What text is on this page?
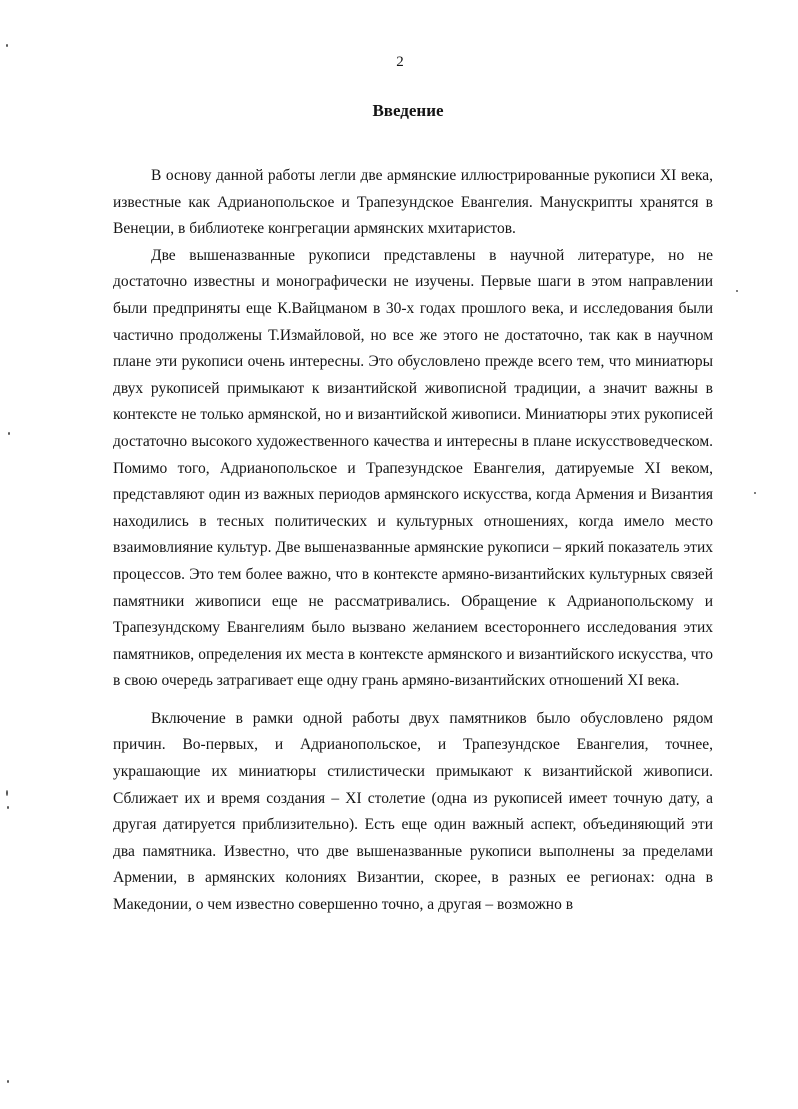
2
Введение

В основу данной работы легли две армянские иллюстрированные рукописи XI века, известные как Адрианопольское и Трапезундское Евангелия. Манускрипты хранятся в Венеции, в библиотеке конгрегации армянских мхитаристов.

Две вышеназванные рукописи представлены в научной литературе, но не достаточно известны и монографически не изучены. Первые шаги в этом направлении были предприняты еще К.Вайцманом в 30-х годах прошлого века, и исследования были частично продолжены Т.Измайловой, но все же этого не достаточно, так как в научном плане эти рукописи очень интересны. Это обусловлено прежде всего тем, что миниатюры двух рукописей примыкают к византийской живописной традиции, а значит важны в контексте не только армянской, но и византийской живописи. Миниатюры этих рукописей достаточно высокого художественного качества и интересны в плане искусствоведческом. Помимо того, Адрианопольское и Трапезундское Евангелия, датируемые XI веком, представляют один из важных периодов армянского искусства, когда Армения и Византия находились в тесных политических и культурных отношениях, когда имело место взаимовлияние культур. Две вышеназванные армянские рукописи – яркий показатель этих процессов. Это тем более важно, что в контексте армяно-византийских культурных связей памятники живописи еще не рассматривались. Обращение к Адрианопольскому и Трапезундскому Евангелиям было вызвано желанием всестороннего исследования этих памятников, определения их места в контексте армянского и византийского искусства, что в свою очередь затрагивает еще одну грань армяно-византийских отношений XI века.

Включение в рамки одной работы двух памятников было обусловлено рядом причин. Во-первых, и Адрианопольское, и Трапезундское Евангелия, точнее, украшающие их миниатюры стилистически примыкают к византийской живописи. Сближает их и время создания – XI столетие (одна из рукописей имеет точную дату, а другая датируется приблизительно). Есть еще один важный аспект, объединяющий эти два памятника. Известно, что две вышеназванные рукописи выполнены за пределами Армении, в армянских колониях Византии, скорее, в разных ее регионах: одна в Македонии, о чем известно совершенно точно, а другая – возможно в
